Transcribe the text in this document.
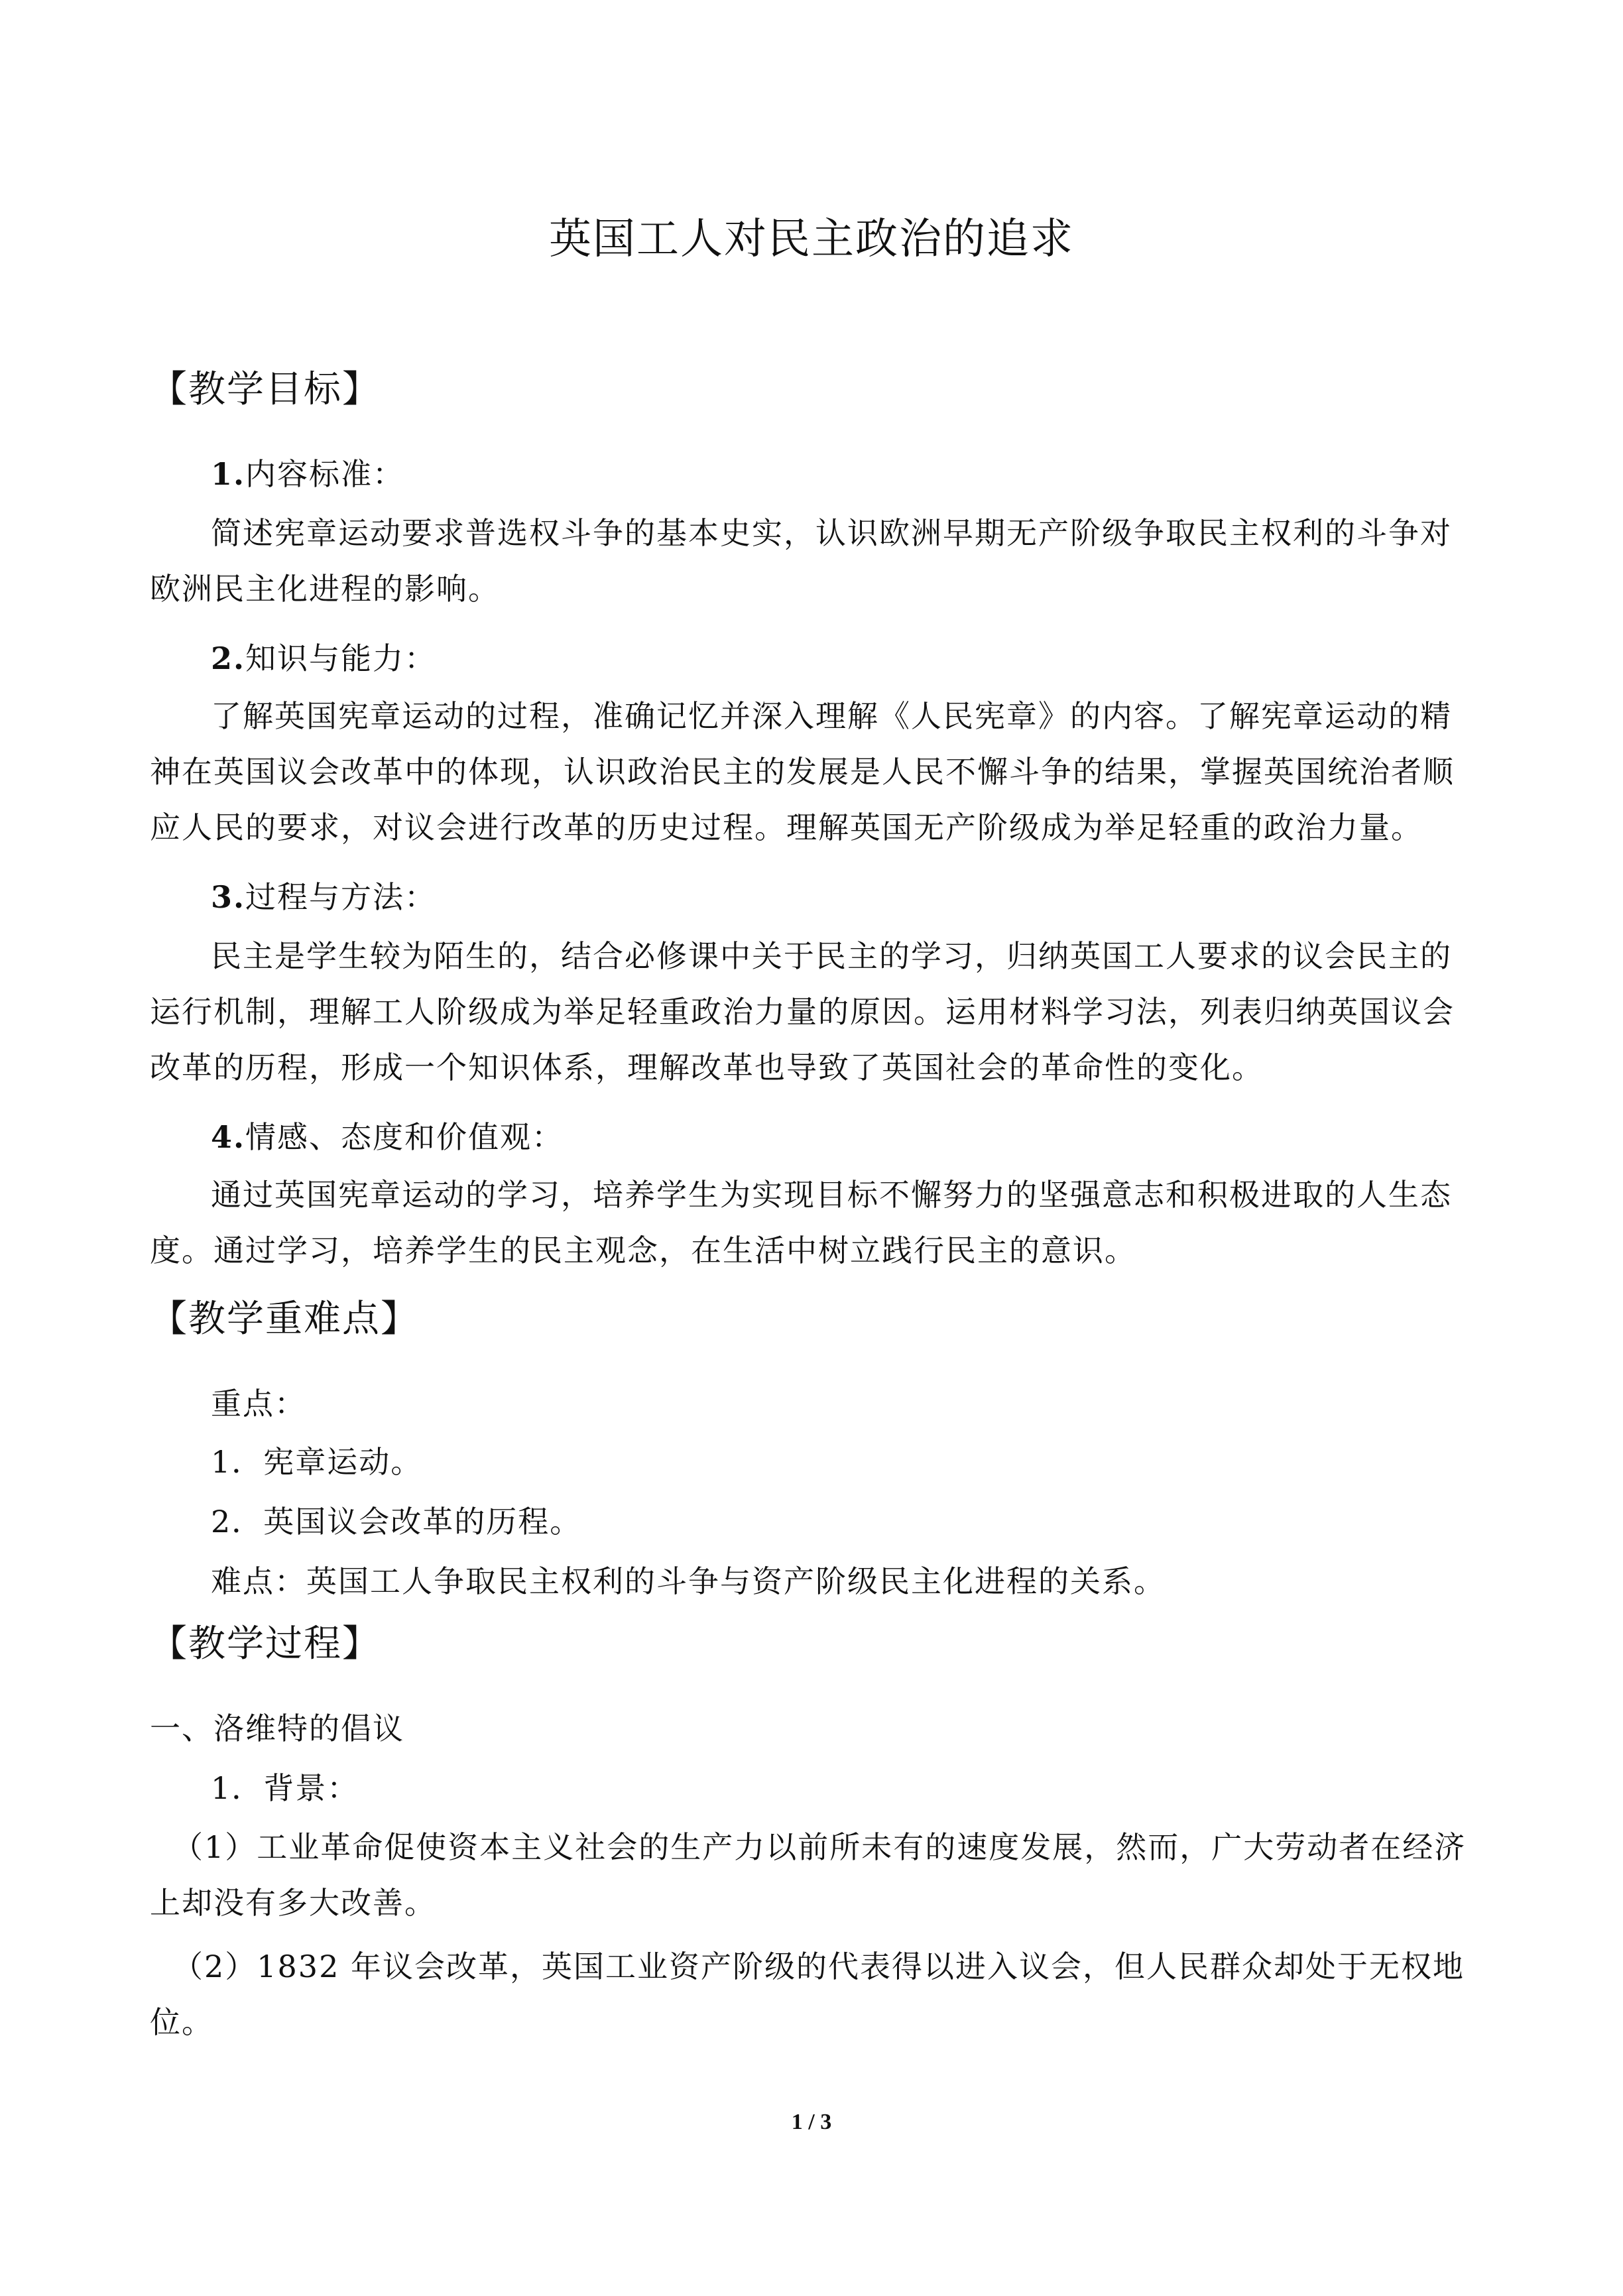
英国工人对民主政治的追求
【教学目标】
1.内容标准：
简述宪章运动要求普选权斗争的基本史实，认识欧洲早期无产阶级争取民主权利的斗争对欧洲民主化进程的影响。
2.知识与能力：
了解英国宪章运动的过程，准确记忆并深入理解《人民宪章》的内容。了解宪章运动的精神在英国议会改革中的体现，认识政治民主的发展是人民不懈斗争的结果，掌握英国统治者顺应人民的要求，对议会进行改革的历史过程。理解英国无产阶级成为举足轻重的政治力量。
3.过程与方法：
民主是学生较为陌生的，结合必修课中关于民主的学习，归纳英国工人要求的议会民主的运行机制，理解工人阶级成为举足轻重政治力量的原因。运用材料学习法，列表归纳英国议会改革的历程，形成一个知识体系，理解改革也导致了英国社会的革命性的变化。
4.情感、态度和价值观：
通过英国宪章运动的学习，培养学生为实现目标不懈努力的坚强意志和积极进取的人生态度。通过学习，培养学生的民主观念，在生活中树立践行民主的意识。
【教学重难点】
重点：
1．宪章运动。
2．英国议会改革的历程。
难点：英国工人争取民主权利的斗争与资产阶级民主化进程的关系。
【教学过程】
一、洛维特的倡议
1．背景：
（1）工业革命促使资本主义社会的生产力以前所未有的速度发展，然而，广大劳动者在经济上却没有多大改善。
（2）1832 年议会改革，英国工业资产阶级的代表得以进入议会，但人民群众却处于无权地位。
1 / 3
